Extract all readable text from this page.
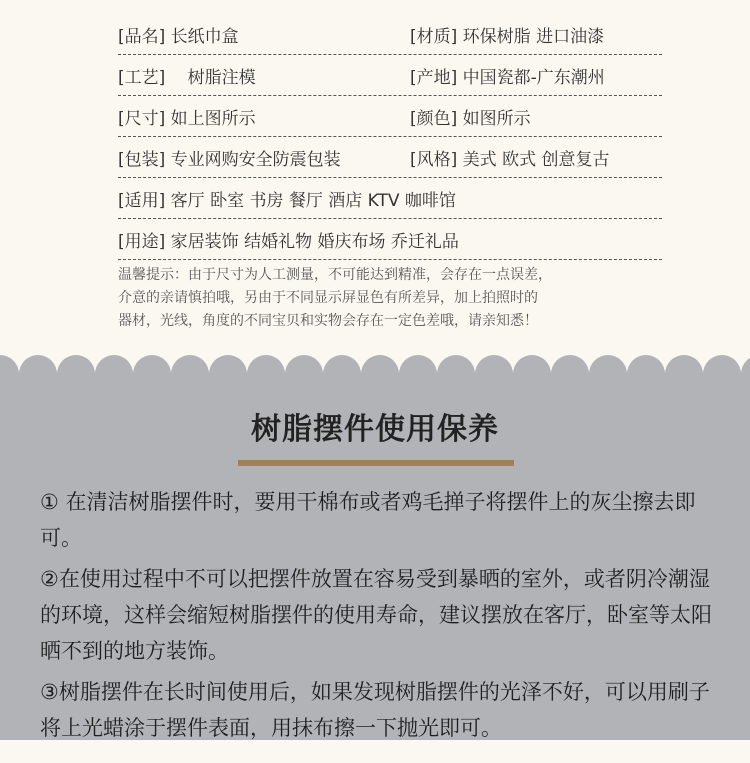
[品名] 长纸巾盒	[材质] 环保树脂 进口油漆
[工艺]　 树脂注模	[产地] 中国瓷都-广东潮州
[尺寸] 如上图所示	[颜色] 如图所示
[包装] 专业网购安全防震包装	[风格] 美式 欧式 创意复古
[适用] 客厅 卧室 书房 餐厅 酒店 KTV 咖啡馆
[用途] 家居装饰 结婚礼物 婚庆布场 乔迁礼品

温馨提示：由于尺寸为人工测量，不可能达到精准，会存在一点误差，

介意的亲请慎拍哦，另由于不同显示屏显色有所差异，加上拍照时的

器材，光线，角度的不同宝贝和实物会存在一定色差哦，请亲知悉！

树脂摆件使用保养

① 在清洁树脂摆件时，要用干棉布或者鸡毛掸子将摆件上的灰尘擦去即可。

②在使用过程中不可以把摆件放置在容易受到暴晒的室外，或者阴冷潮湿的环境，这样会缩短树脂摆件的使用寿命，建议摆放在客厅，卧室等太阳晒不到的地方装饰。

③树脂摆件在长时间使用后，如果发现树脂摆件的光泽不好，可以用刷子将上光蜡涂于摆件表面，用抹布擦一下抛光即可。
